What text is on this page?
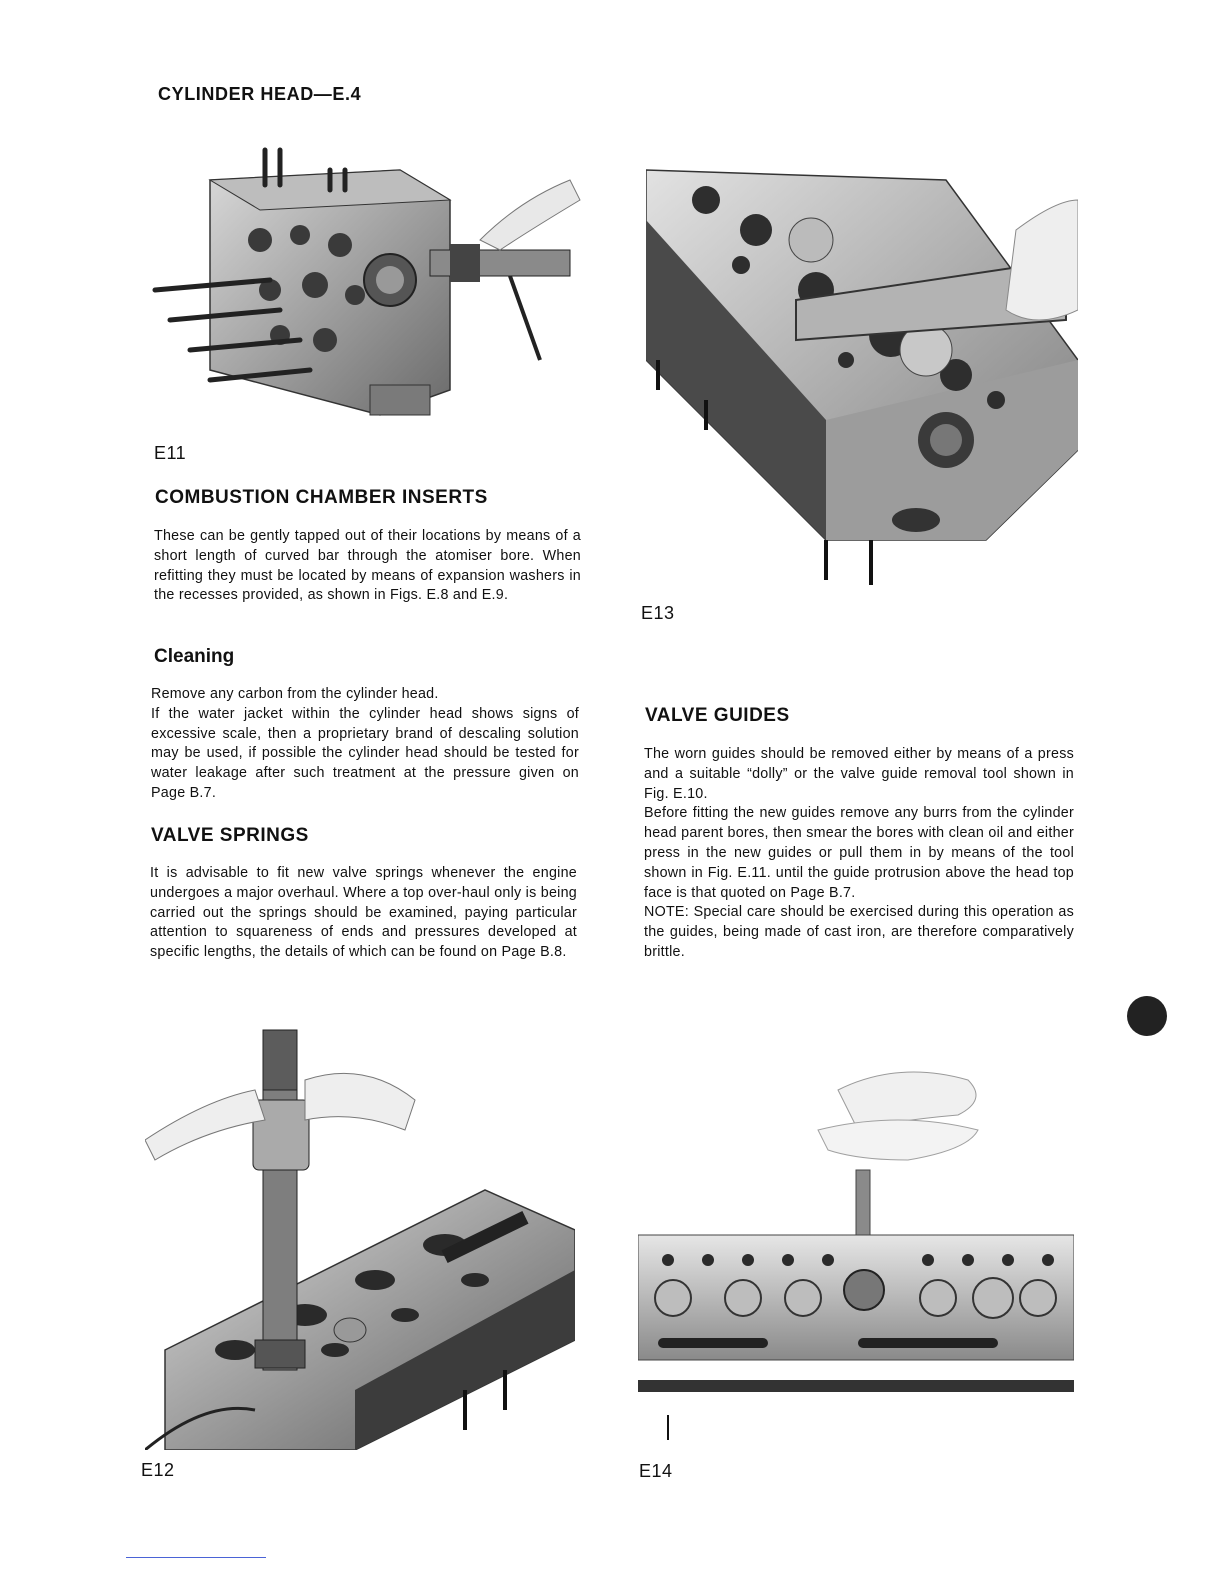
CYLINDER HEAD—E.4
E11
E13
COMBUSTION CHAMBER INSERTS

These can be gently tapped out of their locations by means of a short length of curved bar through the atomiser bore. When refitting they must be located by means of expansion washers in the recesses provided, as shown in Figs. E.8 and E.9.

Cleaning

Remove any carbon from the cylinder head.

If the water jacket within the cylinder head shows signs of excessive scale, then a proprietary brand of descaling solution may be used, if possible the cylinder head should be tested for water leakage after such treatment at the pressure given on Page B.7.

VALVE SPRINGS

It is advisable to fit new valve springs whenever the engine undergoes a major overhaul. Where a top over-haul only is being carried out the springs should be examined, paying particular attention to squareness of ends and pressures developed at specific lengths, the details of which can be found on Page B.8.

VALVE GUIDES

The worn guides should be removed either by means of a press and a suitable “dolly” or the valve guide removal tool shown in Fig. E.10.

Before fitting the new guides remove any burrs from the cylinder head parent bores, then smear the bores with clean oil and either press in the new guides or pull them in by means of the tool shown in Fig. E.11. until the guide protrusion above the head top face is that quoted on Page B.7.

NOTE: Special care should be exercised during this operation as the guides, being made of cast iron, are therefore comparatively brittle.

E12	E14
